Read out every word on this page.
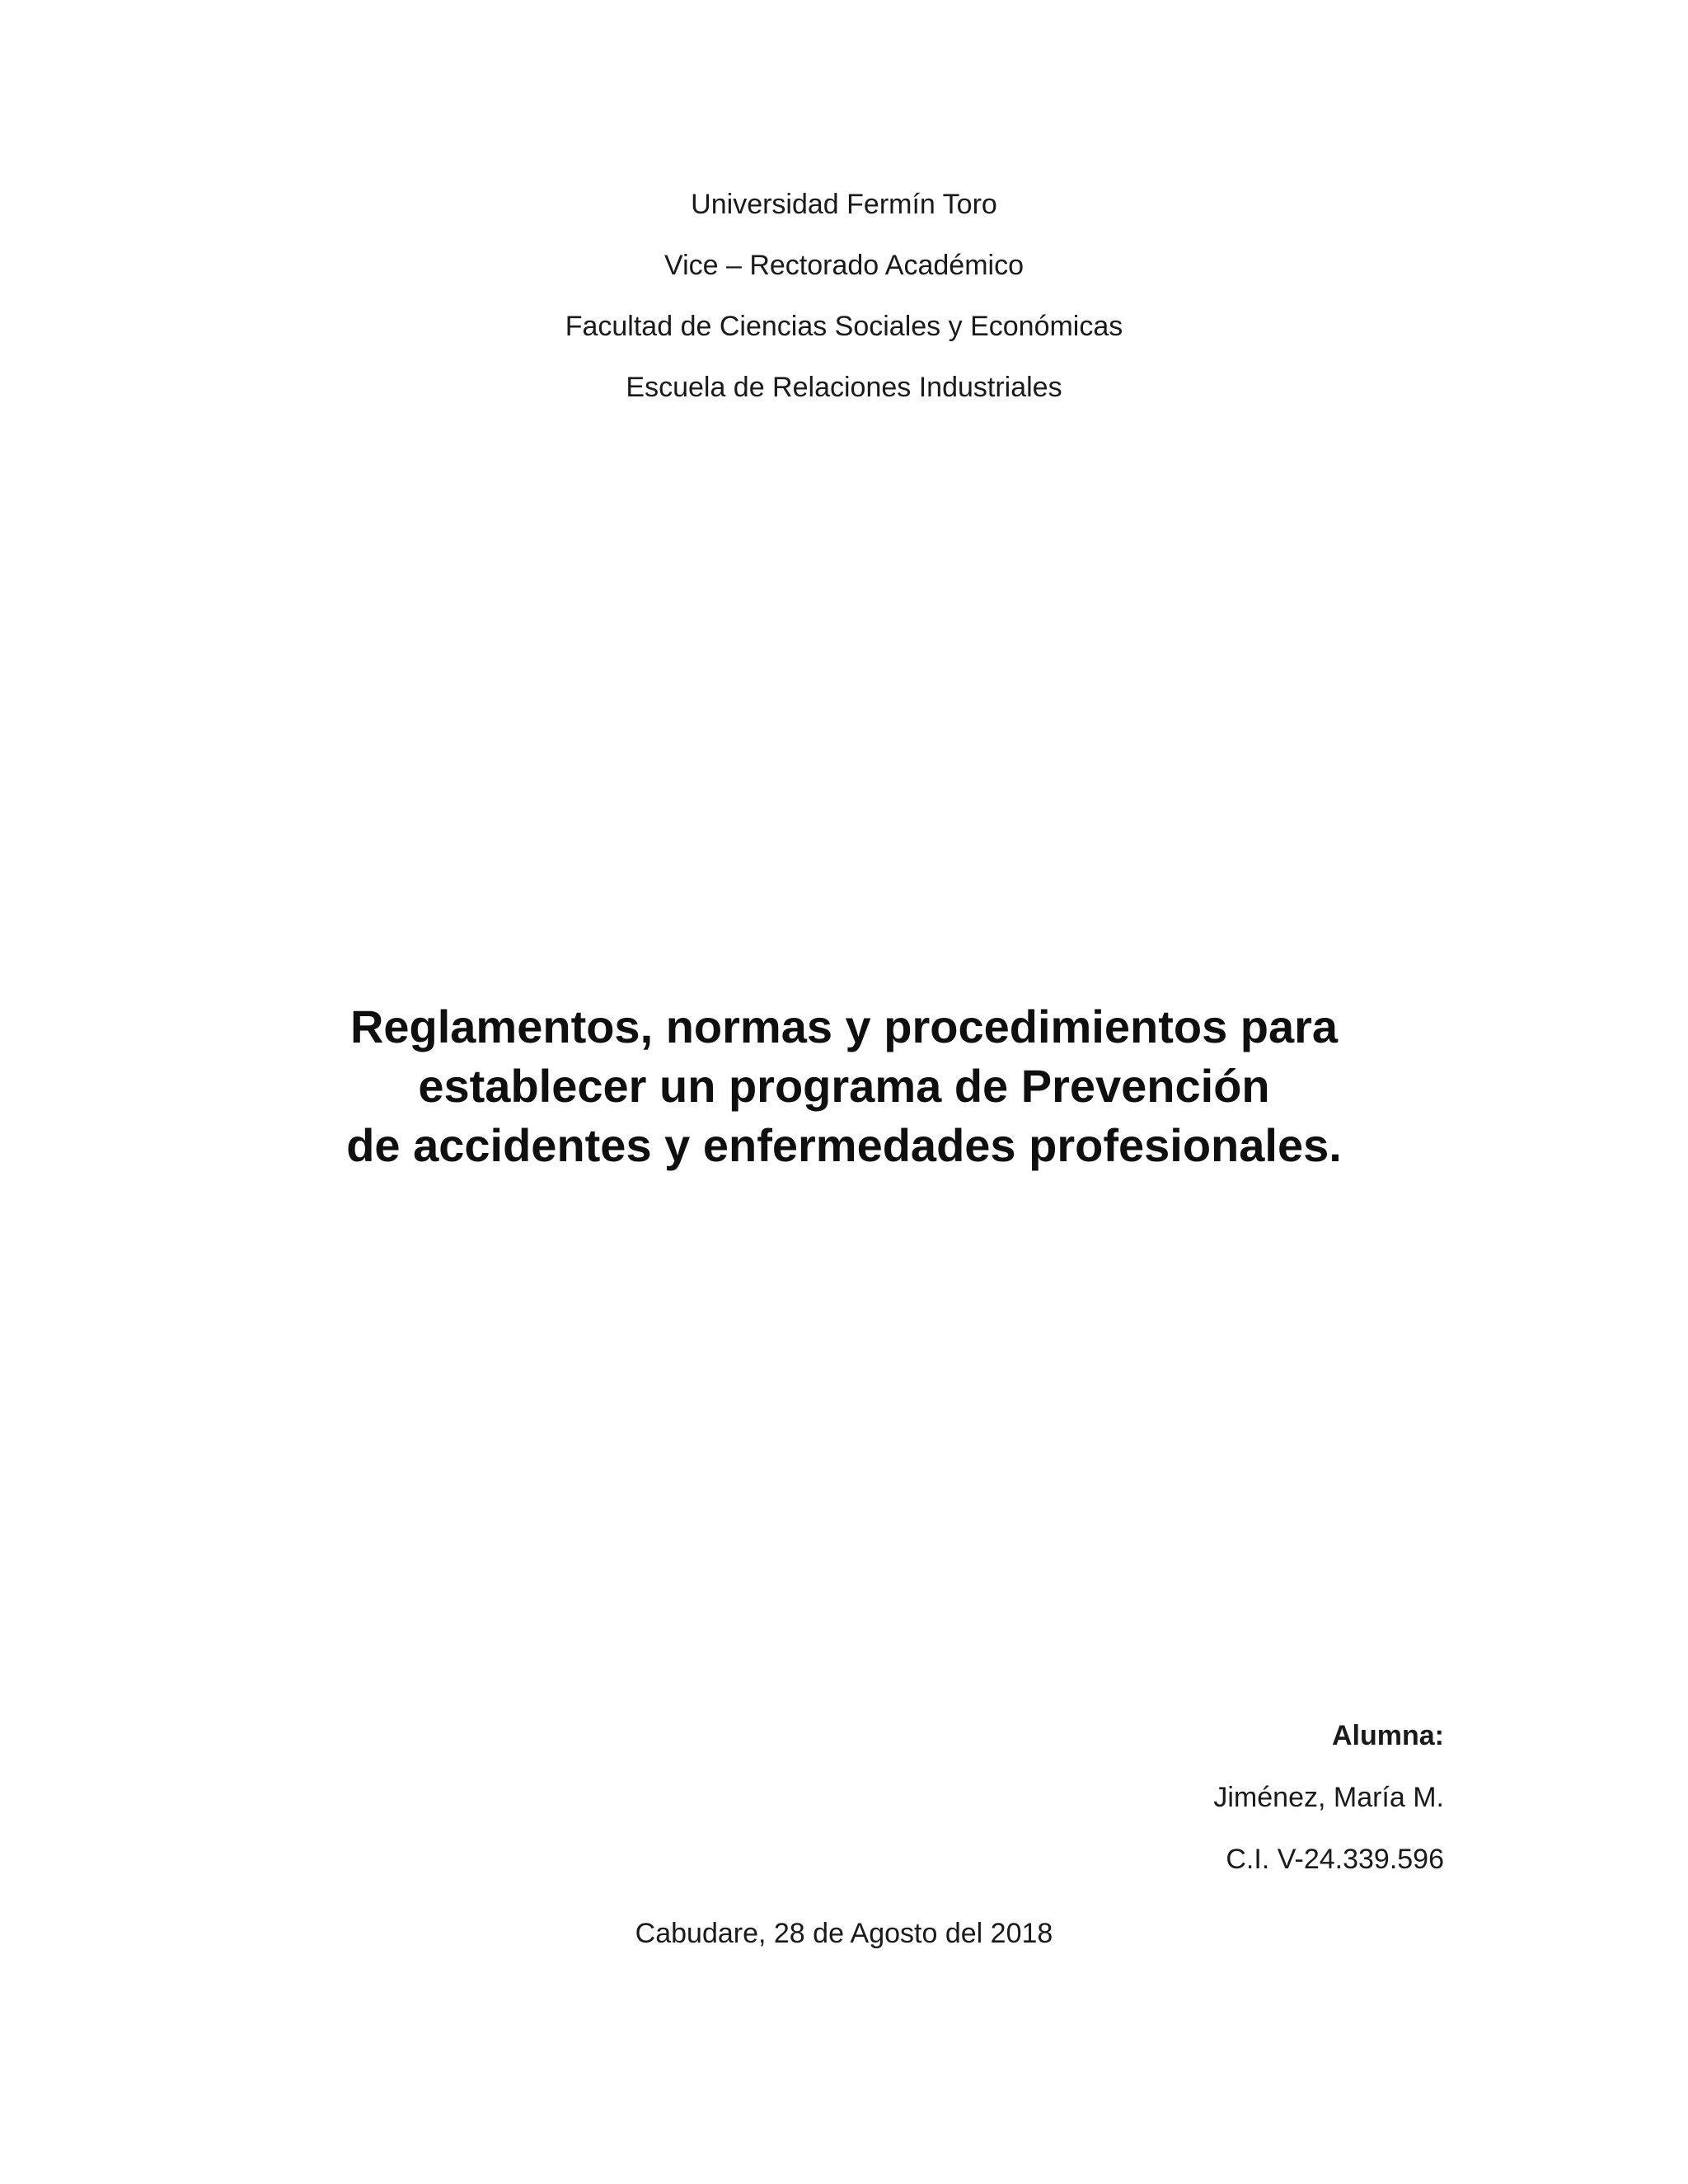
Universidad Fermín Toro
Vice – Rectorado Académico
Facultad de Ciencias Sociales y Económicas
Escuela de Relaciones Industriales
Reglamentos, normas y procedimientos para
establecer un programa de Prevención
de accidentes y enfermedades profesionales.
Alumna:
Jiménez, María M.
C.I. V-24.339.596
Cabudare, 28 de Agosto del 2018
